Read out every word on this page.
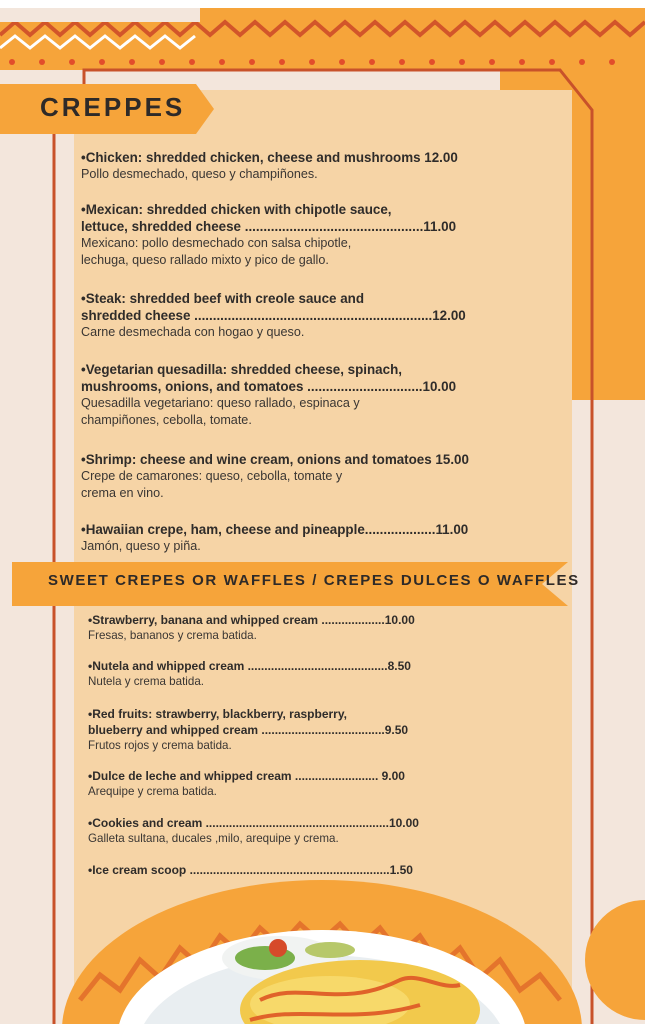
CREPPES
•Chicken: shredded chicken, cheese and mushrooms 12.00
Pollo desmechado, queso y champiñones.
•Mexican: shredded chicken with chipotle sauce,
lettuce, shredded cheese ................................................11.00
Mexicano: pollo desmechado con salsa chipotle,
lechuga, queso rallado mixto y pico de gallo.
•Steak: shredded beef with creole sauce and
shredded cheese ................................................................12.00
Carne desmechada con hogao y queso.
•Vegetarian quesadilla: shredded cheese, spinach,
mushrooms, onions, and tomatoes ...............................10.00
Quesadilla vegetariano: queso rallado, espinaca y
champiñones, cebolla, tomate.
•Shrimp: cheese and wine cream, onions and tomatoes 15.00
Crepe de camarones: queso, cebolla, tomate y
crema en vino.
•Hawaiian crepe, ham, cheese and pineapple...................11.00
Jamón, queso y piña.
SWEET CREPES OR WAFFLES / CREPES DULCES O WAFFLES
•Strawberry, banana and whipped cream ...................10.00
Fresas, bananos y crema batida.
•Nutela and whipped cream ..........................................8.50
Nutela y crema batida.
•Red fruits: strawberry, blackberry, raspberry,
blueberry and whipped cream .....................................9.50
Frutos rojos y crema batida.
•Dulce de leche and whipped cream ......................... 9.00
Arequipe y crema batida.
•Cookies and cream .......................................................10.00
Galleta sultana, ducales ,milo, arequipe y crema.
•Ice cream scoop ............................................................1.50
